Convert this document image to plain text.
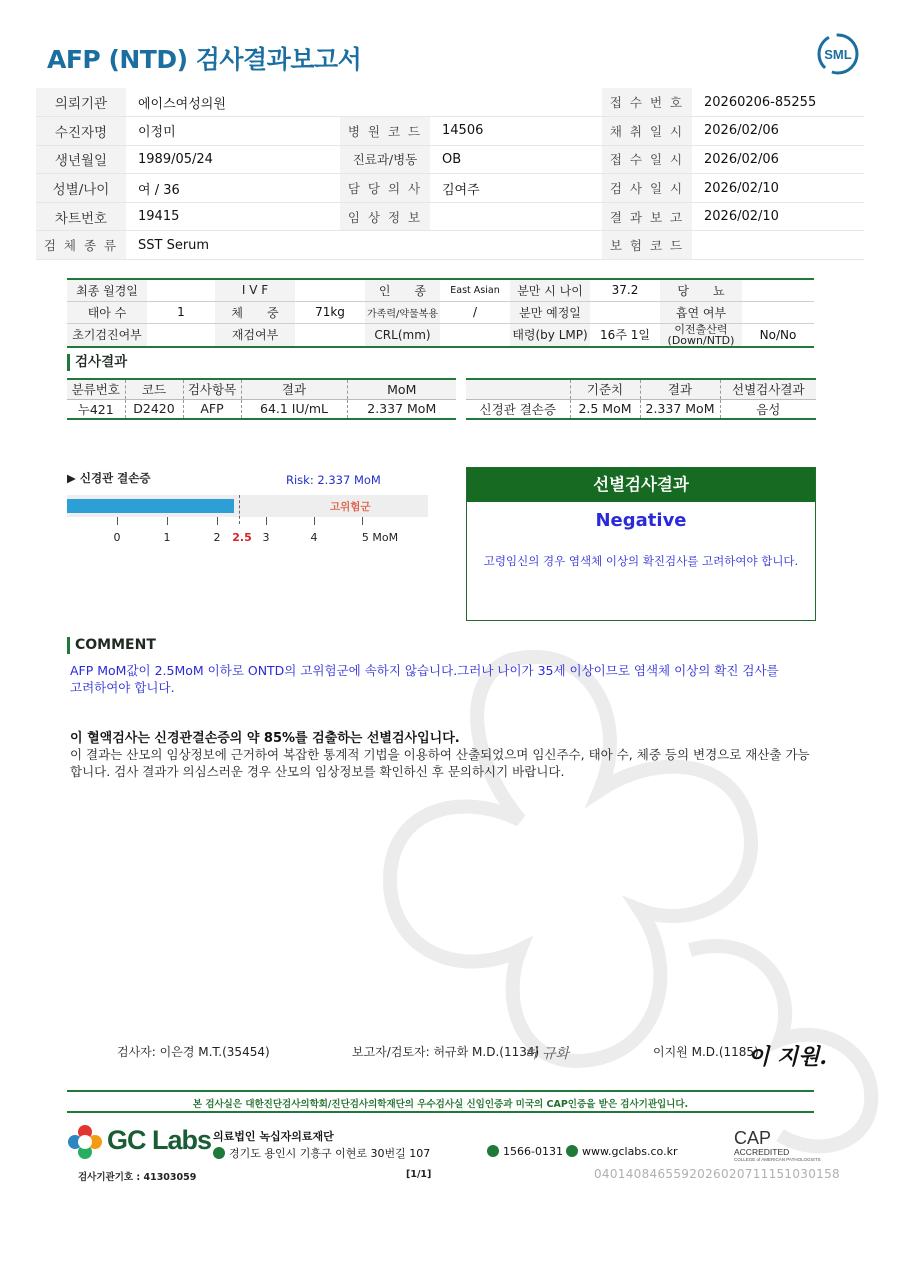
AFP (NTD) 검사결과보고서	SML
의뢰기관	에이스여성의원			접 수 번 호	20260206-85255
수진자명	이정미	병 원 코 드	14506	채 취 일 시	2026/02/06
생년월일	1989/05/24	진료과/병동	OB	접 수 일 시	2026/02/06
성별/나이	여 / 36	담 당 의 사	김여주	검 사 일 시	2026/02/10
차트번호	19415	임 상 정 보		결 과 보 고	2026/02/10
검 체 종 류	SST Serum			보 험 코 드	
최종 월경일		I V F		인　　종	East Asian	분만 시 나이	37.2	당　　뇨	
태아 수	1	체　　중	71kg	가족력/약물복용	/	분만 예정일		흡연 여부	
초기검진여부		재검여부		CRL(mm)		태령(by LMP)	16주 1일	이전출산력 (Down/NTD)	No/No
검사결과
분류번호	코드	검사항목	결과	MoM
누421	D2420	AFP	64.1 IU/mL	2.337 MoM
	기준치	결과	선별검사결과
신경관 결손증	2.5 MoM	2.337 MoM	음성
▶ 신경관 결손증	Risk: 2.337 MoM
고위험군
0	1	2 2.5 3	4	5 MoM
선별검사결과
Negative
고령임신의 경우 염색체 이상의 확진검사를 고려하여야 합니다.
COMMENT
AFP MoM값이 2.5MoM 이하로 ONTD의 고위험군에 속하지 않습니다.그러나 나이가 35세 이상이므로 염색체 이상의 확진 검사를 고려하여야 합니다.
이 혈액검사는 신경관결손증의 약 85%를 검출하는 선별검사입니다.
이 결과는 산모의 임상정보에 근거하여 복잡한 통계적 기법을 이용하여 산출되었으며 임신주수, 태아 수, 체중 등의 변경으로 재산출 가능합니다. 검사 결과가 의심스러운 경우 산모의 임상정보를 확인하신 후 문의하시기 바랍니다.
검사자: 이은경 M.T.(35454)	보고자/검토자: 허규화 M.D.(1134)
허 규화	이지원 M.D.(1185)
이 지원.
본 검사실은 대한진단검사의학회/진단검사의학재단의 우수검사실 신임인증과 미국의 CAP인증을 받은 검사기관입니다.
GC Labs 의료법인 녹십자의료재단
경기도 용인시 기흥구 이현로 30번길 107	1566-0131	www.gclabs.co.kr
CAP
ACCREDITED
COLLEGE of AMERICAN PATHOLOGISTS
검사기관기호 : 41303059	[1/1]	0401408465592026020711151030158
